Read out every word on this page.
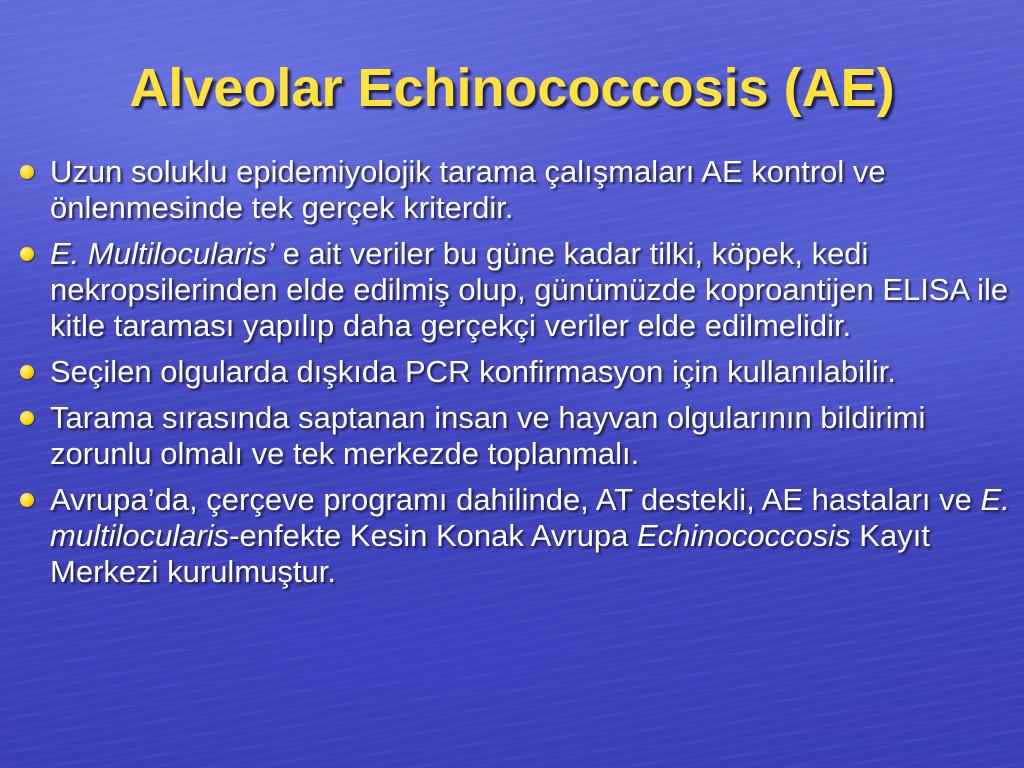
Alveolar Echinococcosis (AE)
Uzun soluklu epidemiyolojik tarama çalışmaları AE kontrol ve önlenmesinde tek gerçek kriterdir.
E. Multilocularis’ e ait veriler bu güne kadar tilki, köpek, kedi nekropsilerinden elde edilmiş olup, günümüzde koproantijen ELISA ile kitle taraması yapılıp daha gerçekçi veriler elde edilmelidir.
Seçilen olgularda dışkıda PCR konfirmasyon için kullanılabilir.
Tarama sırasında saptanan insan ve hayvan olgularının bildirimi zorunlu olmalı ve tek merkezde toplanmalı.
Avrupa’da, çerçeve programı dahilinde, AT destekli, AE hastaları ve E. multilocularis-enfekte Kesin Konak Avrupa Echinococcosis Kayıt Merkezi kurulmuştur.
